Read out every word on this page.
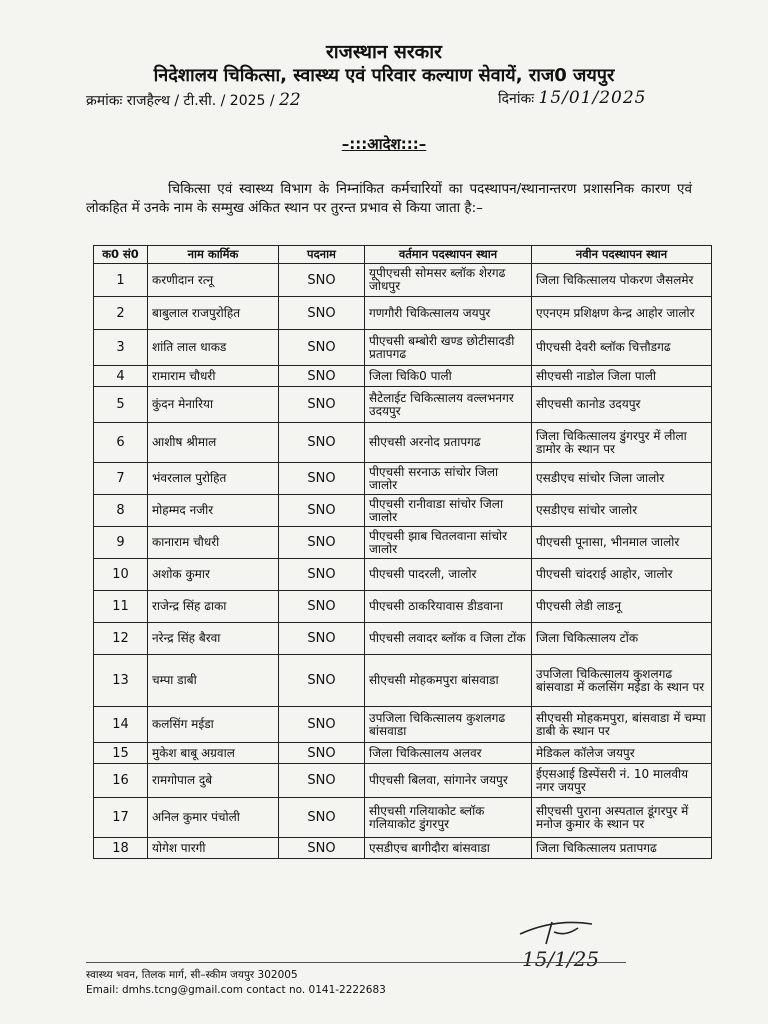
राजस्थान सरकार
निदेशालय चिकित्सा, स्वास्थ्य एवं परिवार कल्याण सेवायें, राज0 जयपुर
क्रमांकः राजहैल्थ / टी.सी. / 2025 / 22	दिनांकः 15/01/2025
–:::आदेश:::–
चिकित्सा एवं स्वास्थ्य विभाग के निम्नांकित कर्मचारियों का पदस्थापन/स्थानान्तरण प्रशासनिक कारण एवं लोकहित में उनके नाम के सम्मुख अंकित स्थान पर तुरन्त प्रभाव से किया जाता है:–
क0 सं0	नाम कार्मिक	पदनाम	वर्तमान पदस्थापन स्थान	नवीन पदस्थापन स्थान
1	करणीदान रत्नू	SNO	यूपीएचसी सोमसर ब्लॉक शेरगढ जोधपुर	जिला चिकित्सालय पोकरण जैसलमेर
2	बाबुलाल राजपुरोहित	SNO	गणगौरी चिकित्सालय जयपुर	एएनएम प्रशिक्षण केन्द्र आहोर जालोर
3	शांति लाल धाकड	SNO	पीएचसी बम्बोरी खण्ड छोटीसादडी प्रतापगढ	पीएचसी देवरी ब्लॉक चित्तौडगढ
4	रामाराम चौधरी	SNO	जिला चिकि0 पाली	सीएचसी नाडोल जिला पाली
5	कुंदन मेनारिया	SNO	सैटेलाईट चिकित्सालय वल्लभनगर उदयपुर	सीएचसी कानोड उदयपुर
6	आशीष श्रीमाल	SNO	सीएचसी अरनोद प्रतापगढ	जिला चिकित्सालय डुंगरपुर में लीला डामोर के स्थान पर
7	भंवरलाल पुरोहित	SNO	पीएचसी सरनाऊ सांचोर जिला जालोर	एसडीएच सांचोर जिला जालोर
8	मोहम्मद नजीर	SNO	पीएचसी रानीवाडा सांचोर जिला जालोर	एसडीएच सांचोर जालोर
9	कानाराम चौधरी	SNO	पीएचसी झाब चितलवाना सांचोर जालोर	पीएचसी पूनासा, भीनमाल जालोर
10	अशोक कुमार	SNO	पीएचसी पादरली, जालोर	पीएचसी चांदराई आहोर, जालोर
11	राजेन्द्र सिंह ढाका	SNO	पीएचसी ठाकरियावास डीडवाना	पीएचसी लेडी लाडनू
12	नरेन्द्र सिंह बैरवा	SNO	पीएचसी लवादर ब्लॉक व जिला टोंक	जिला चिकित्सालय टोंक
13	चम्पा डाबी	SNO	सीएचसी मोहकमपुरा बांसवाडा	उपजिला चिकित्सालय कुशलगढ बांसवाडा में कलसिंग मईडा के स्थान पर
14	कलसिंग मईडा	SNO	उपजिला चिकित्सालय कुशलगढ बांसवाडा	सीएचसी मोहकमपुरा, बांसवाडा में चम्पा डाबी के स्थान पर
15	मुकेश बाबू अग्रवाल	SNO	जिला चिकित्सालय अलवर	मेडिकल कॉलेज जयपुर
16	रामगोपाल दुबे	SNO	पीएचसी बिलवा, सांगानेर जयपुर	ईएसआई डिस्पेंसरी नं. 10 मालवीय नगर जयपुर
17	अनिल कुमार पंचोली	SNO	सीएचसी गलियाकोट ब्लॉक गलियाकोट डुंगरपुर	सीएचसी पुराना अस्पताल डूंगरपुर में मनोज कुमार के स्थान पर
18	योगेश पारगी	SNO	एसडीएच बागीदौरा बांसवाडा	जिला चिकित्सालय प्रतापगढ
15/1/25
स्वास्थ्य भवन, तिलक मार्ग, सी–स्कीम जयपुर 302005
Email: dmhs.tcng@gmail.com contact no. 0141-2222683
